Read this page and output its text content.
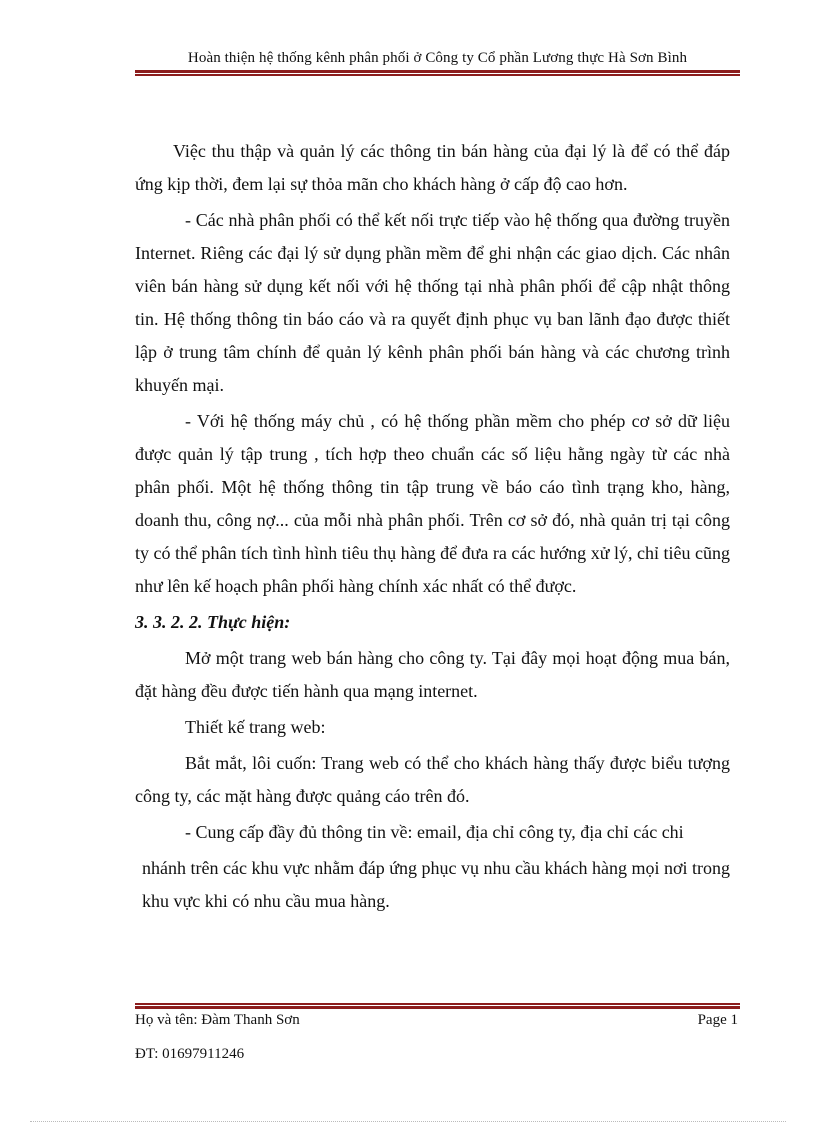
Hoàn thiện hệ thống kênh phân phối ở Công ty Cổ phần Lương thực Hà Sơn Bình

Việc thu thập và quản lý các thông tin bán hàng của đại lý là để có thể đáp ứng kịp thời, đem lại sự thỏa mãn cho khách hàng ở cấp độ cao hơn.

- Các nhà phân phối có thể kết nối trực tiếp vào hệ thống qua đường truyền Internet. Riêng các đại lý sử dụng phần mềm để ghi nhận các giao dịch. Các nhân viên bán hàng sử dụng kết nối với hệ thống tại nhà phân phối để cập nhật thông tin. Hệ thống thông tin báo cáo và ra quyết định phục vụ ban lãnh đạo được thiết lập ở trung tâm chính để quản lý kênh phân phối bán hàng và các chương trình khuyến mại.

- Với hệ thống máy chủ , có hệ thống phần mềm cho phép cơ sở dữ liệu được quản lý tập trung , tích hợp theo chuẩn các số liệu hằng ngày từ các nhà phân phối. Một hệ thống thông tin tập trung về báo cáo tình trạng kho, hàng, doanh thu, công nợ... của mỗi nhà phân phối. Trên cơ sở đó, nhà quản trị tại công ty có thể phân tích tình hình tiêu thụ hàng để đưa ra các hướng xử lý, chỉ tiêu cũng như lên kế hoạch phân phối hàng chính xác nhất có thể được.

3. 3. 2. 2. Thực hiện:

Mở một trang web bán hàng cho công ty. Tại đây mọi hoạt động mua bán, đặt hàng đều được tiến hành qua mạng internet.

Thiết kế trang web:

Bắt mắt, lôi cuốn: Trang web có thể cho khách hàng thấy được biểu tượng công ty, các mặt hàng được quảng cáo trên đó.

- Cung cấp đầy đủ thông tin về: email, địa chỉ công ty, địa chỉ các chi

nhánh trên các khu vực nhằm đáp ứng phục vụ nhu cầu khách hàng mọi nơi trong khu vực khi có nhu cầu mua hàng.

Họ và tên: Đàm Thanh Sơn	Page 1
ĐT: 01697911246
